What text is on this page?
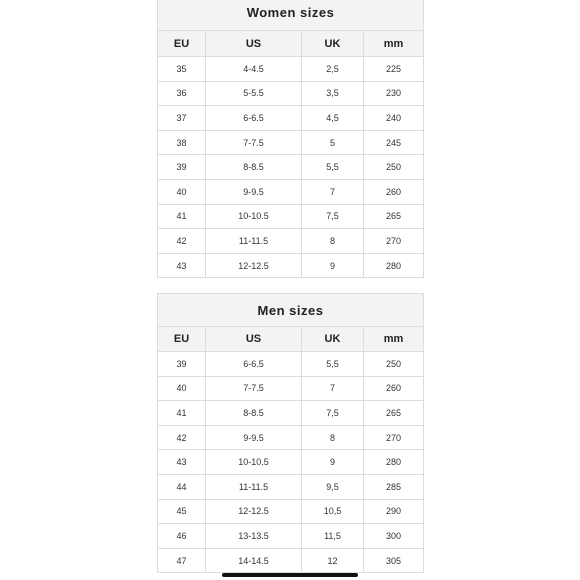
Women sizes
EU	US	UK	mm
35	4-4.5	2,5	225
36	5-5.5	3,5	230
37	6-6.5	4,5	240
38	7-7.5	5	245
39	8-8.5	5,5	250
40	9-9.5	7	260
41	10-10.5	7,5	265
42	11-11.5	8	270
43	12-12.5	9	280
Men sizes
EU	US	UK	mm
39	6-6.5	5,5	250
40	7-7.5	7	260
41	8-8.5	7,5	265
42	9-9.5	8	270
43	10-10.5	9	280
44	11-11.5	9,5	285
45	12-12.5	10,5	290
46	13-13.5	11,5	300
47	14-14.5	12	305
